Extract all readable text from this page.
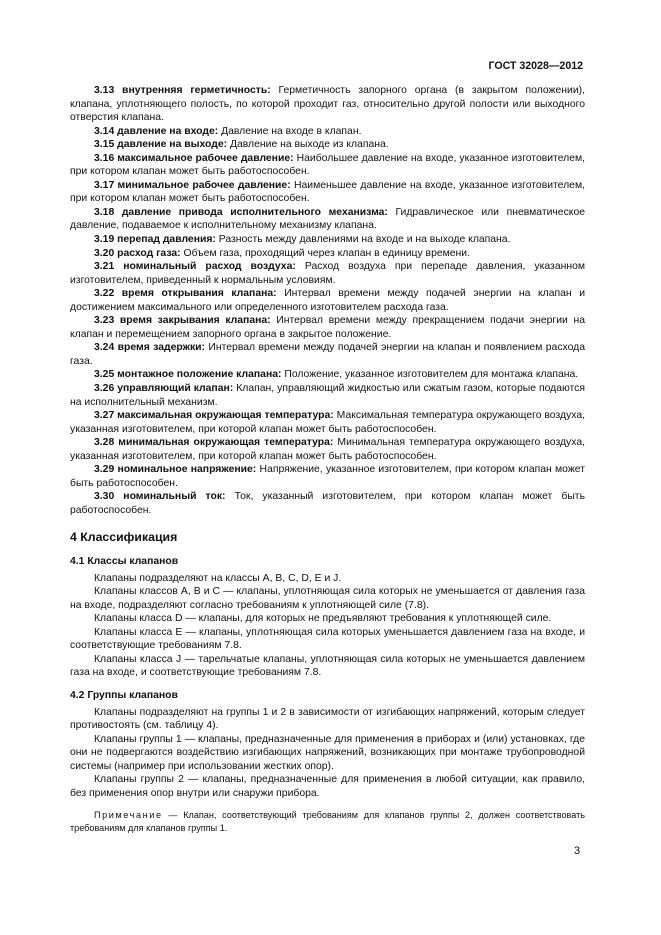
ГОСТ 32028—2012

3.13 внутренняя герметичность: Герметичность запорного органа (в закрытом положении), клапана, уплотняющего полость, по которой проходит газ, относительно другой полости или выходного отверстия клапана.

3.14 давление на входе: Давление на входе в клапан.

3.15 давление на выходе: Давление на выходе из клапана.

3.16 максимальное рабочее давление: Наибольшее давление на входе, указанное изготовителем, при котором клапан может быть работоспособен.

3.17 минимальное рабочее давление: Наименьшее давление на входе, указанное изготовителем, при котором клапан может быть работоспособен.

3.18 давление привода исполнительного механизма: Гидравлическое или пневматическое давление, подаваемое к исполнительному механизму клапана.

3.19 перепад давления: Разность между давлениями на входе и на выходе клапана.

3.20 расход газа: Объем газа, проходящий через клапан в единицу времени.

3.21 номинальный расход воздуха: Расход воздуха при перепаде давления, указанном изготовителем, приведенный к нормальным условиям.

3.22 время открывания клапана: Интервал времени между подачей энергии на клапан и достижением максимального или определенного изготовителем расхода газа.

3.23 время закрывания клапана: Интервал времени между прекращением подачи энергии на клапан и перемещением запорного органа в закрытое положение.

3.24 время задержки: Интервал времени между подачей энергии на клапан и появлением расхода газа.

3.25 монтажное положение клапана: Положение, указанное изготовителем для монтажа клапана.

3.26 управляющий клапан: Клапан, управляющий жидкостью или сжатым газом, которые подаются на исполнительный механизм.

3.27 максимальная окружающая температура: Максимальная температура окружающего воздуха, указанная изготовителем, при которой клапан может быть работоспособен.

3.28 минимальная окружающая температура: Минимальная температура окружающего воздуха, указанная изготовителем, при которой клапан может быть работоспособен.

3.29 номинальное напряжение: Напряжение, указанное изготовителем, при котором клапан может быть работоспособен.

3.30 номинальный ток: Ток, указанный изготовителем, при котором клапан может быть работоспособен.

4 Классификация
4.1 Классы клапанов

Клапаны подразделяют на классы A, B, C, D, E и J.

Клапаны классов A, B и C — клапаны, уплотняющая сила которых не уменьшается от давления газа на входе, подразделяют согласно требованиям к уплотняющей силе (7.8).

Клапаны класса D — клапаны, для которых не предъявляют требования к уплотняющей силе.

Клапаны класса E — клапаны, уплотняющая сила которых уменьшается давлением газа на входе, и соответствующие требованиям 7.8.

Клапаны класса J — тарельчатые клапаны, уплотняющая сила которых не уменьшается давлением газа на входе, и соответствующие требованиям 7.8.

4.2 Группы клапанов

Клапаны подразделяют на группы 1 и 2 в зависимости от изгибающих напряжений, которым следует противостоять (см. таблицу 4).

Клапаны группы 1 — клапаны, предназначенные для применения в приборах и (или) установках, где они не подвергаются воздействию изгибающих напряжений, возникающих при монтаже трубопроводной системы (например при использовании жестких опор).

Клапаны группы 2 — клапаны, предназначенные для применения в любой ситуации, как правило, без применения опор внутри или снаружи прибора.

Примечание — Клапан, соответствующий требованиям для клапанов группы 2, должен соответствовать требованиям для клапанов группы 1.

3
